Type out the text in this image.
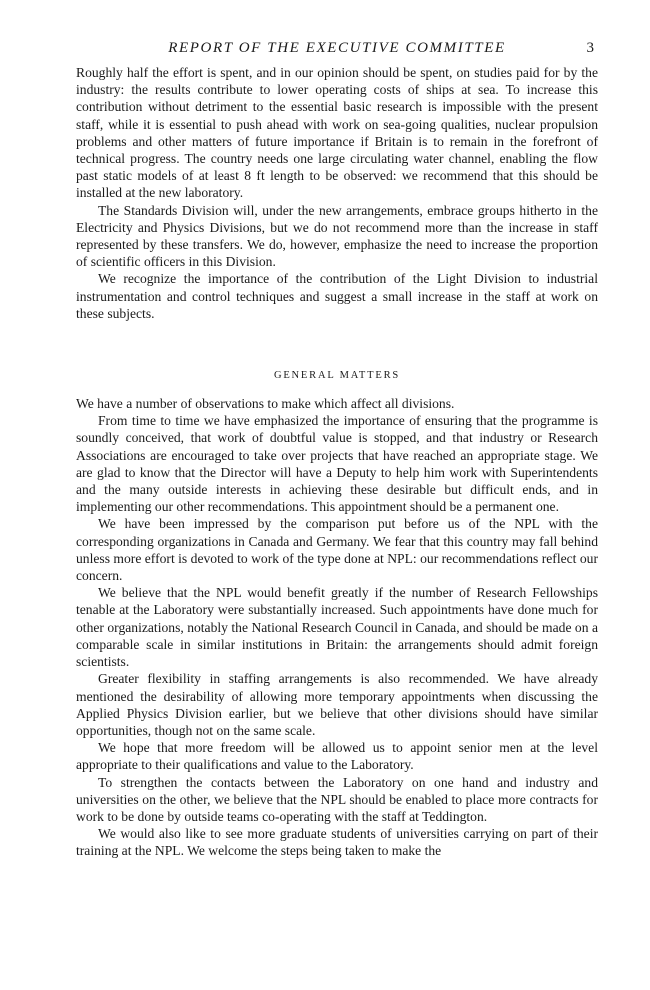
REPORT OF THE EXECUTIVE COMMITTEE	3

Roughly half the effort is spent, and in our opinion should be spent, on studies paid for by the industry: the results contribute to lower operating costs of ships at sea. To increase this contribution without detriment to the essential basic research is impossible with the present staff, while it is essential to push ahead with work on sea-going qualities, nuclear propulsion problems and other matters of future importance if Britain is to remain in the forefront of technical progress. The country needs one large circulating water channel, enabling the flow past static models of at least 8 ft length to be observed: we recommend that this should be installed at the new laboratory.

The Standards Division will, under the new arrangements, embrace groups hitherto in the Electricity and Physics Divisions, but we do not recommend more than the increase in staff represented by these transfers. We do, however, emphasize the need to increase the proportion of scientific officers in this Division.

We recognize the importance of the contribution of the Light Division to industrial instrumentation and control techniques and suggest a small increase in the staff at work on these subjects.

GENERAL MATTERS

We have a number of observations to make which affect all divisions.

From time to time we have emphasized the importance of ensuring that the programme is soundly conceived, that work of doubtful value is stopped, and that industry or Research Associations are encouraged to take over projects that have reached an appropriate stage. We are glad to know that the Director will have a Deputy to help him work with Superintendents and the many outside interests in achieving these desirable but difficult ends, and in implementing our other recommendations. This appointment should be a permanent one.

We have been impressed by the comparison put before us of the NPL with the corresponding organizations in Canada and Germany. We fear that this country may fall behind unless more effort is devoted to work of the type done at NPL: our recommendations reflect our concern.

We believe that the NPL would benefit greatly if the number of Research Fellowships tenable at the Laboratory were substantially increased. Such appointments have done much for other organizations, notably the National Research Council in Canada, and should be made on a comparable scale in similar institutions in Britain: the arrangements should admit foreign scientists.

Greater flexibility in staffing arrangements is also recommended. We have already mentioned the desirability of allowing more temporary appointments when discussing the Applied Physics Division earlier, but we believe that other divisions should have similar opportunities, though not on the same scale.

We hope that more freedom will be allowed us to appoint senior men at the level appropriate to their qualifications and value to the Laboratory.

To strengthen the contacts between the Laboratory on one hand and industry and universities on the other, we believe that the NPL should be enabled to place more contracts for work to be done by outside teams co-operating with the staff at Teddington.

We would also like to see more graduate students of universities carrying on part of their training at the NPL. We welcome the steps being taken to make the
